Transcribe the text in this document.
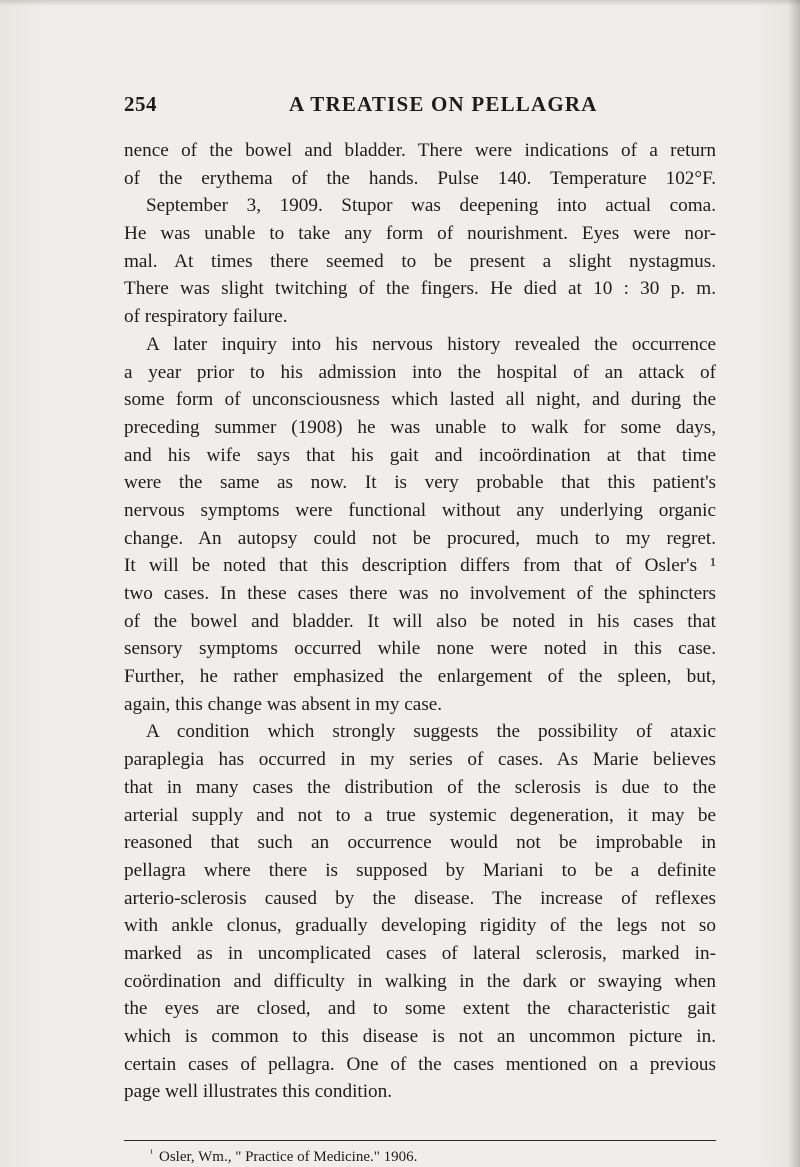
254	A TREATISE ON PELLAGRA
nence of the bowel and bladder. There were indications of a return
of the erythema of the hands. Pulse 140. Temperature 102°F.
September 3, 1909. Stupor was deepening into actual coma.
He was unable to take any form of nourishment. Eyes were nor-
mal. At times there seemed to be present a slight nystagmus.
There was slight twitching of the fingers. He died at 10 : 30 p. m.
of respiratory failure.
A later inquiry into his nervous history revealed the occurrence
a year prior to his admission into the hospital of an attack of
some form of unconsciousness which lasted all night, and during the
preceding summer (1908) he was unable to walk for some days,
and his wife says that his gait and incoördination at that time
were the same as now. It is very probable that this patient's
nervous symptoms were functional without any underlying organic
change. An autopsy could not be procured, much to my regret.
It will be noted that this description differs from that of Osler's ¹
two cases. In these cases there was no involvement of the sphincters
of the bowel and bladder. It will also be noted in his cases that
sensory symptoms occurred while none were noted in this case.
Further, he rather emphasized the enlargement of the spleen, but,
again, this change was absent in my case.
A condition which strongly suggests the possibility of ataxic
paraplegia has occurred in my series of cases. As Marie believes
that in many cases the distribution of the sclerosis is due to the
arterial supply and not to a true systemic degeneration, it may be
reasoned that such an occurrence would not be improbable in
pellagra where there is supposed by Mariani to be a definite
arterio-sclerosis caused by the disease. The increase of reflexes
with ankle clonus, gradually developing rigidity of the legs not so
marked as in uncomplicated cases of lateral sclerosis, marked in-
coördination and difficulty in walking in the dark or swaying when
the eyes are closed, and to some extent the characteristic gait
which is common to this disease is not an uncommon picture in.
certain cases of pellagra. One of the cases mentioned on a previous
page well illustrates this condition.
$^{^1}$ Osler, Wm., " Practice of Medicine." 1906.
